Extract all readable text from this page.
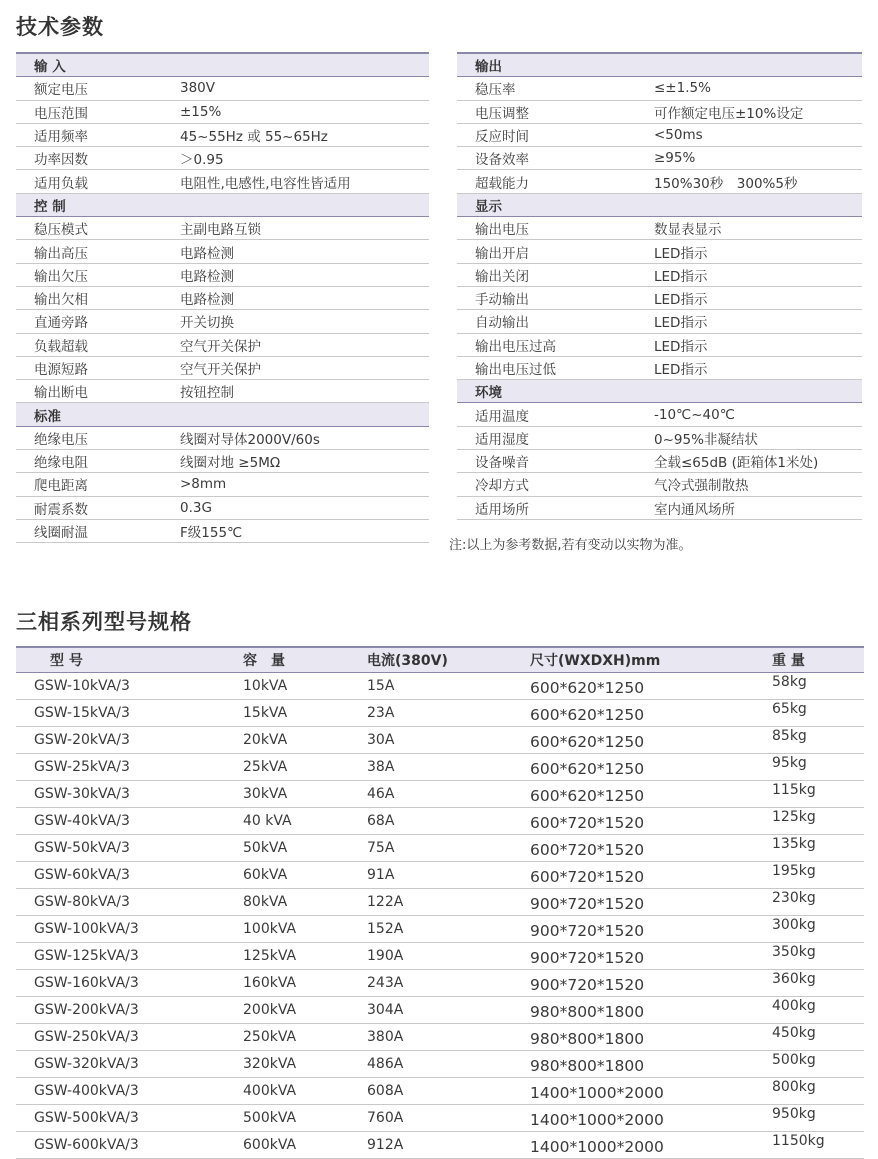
技术参数
输 入	
额定电压	380V
电压范围	±15%
适用频率	45~55Hz 或 55~65Hz
功率因数	＞0.95
适用负载	电阻性,电感性,电容性皆适用
控 制	
稳压模式	主副电路互锁
输出高压	电路检测
输出欠压	电路检测
输出欠相	电路检测
直通旁路	开关切换
负载超载	空气开关保护
电源短路	空气开关保护
输出断电	按钮控制
标准	
绝缘电压	线圈对导体2000V/60s
绝缘电阻	线圈对地 ≥5MΩ
爬电距离	>8mm
耐震系数	0.3G
线圈耐温	F级155℃
输出	
稳压率	≤±1.5%
电压调整	可作额定电压±10%设定
反应时间	<50ms
设备效率	≥95%
超载能力	150%30秒　300%5秒
显示	
输出电压	数显表显示
输出开启	LED指示
输出关闭	LED指示
手动输出	LED指示
自动输出	LED指示
输出电压过高	LED指示
输出电压过低	LED指示
环境	
适用温度	-10℃~40℃
适用湿度	0~95%非凝结状
设备噪音	全载≤65dB (距箱体1米处)
冷却方式	气冷式强制散热
适用场所	室内通风场所
注:以上为参考数据,若有变动以实物为准。
三相系列型号规格
型 号	容　量	电流(380V)	尺寸(WXDXH)mm	重 量
GSW-10kVA/3	10kVA	15A	600*620*1250	58kg
GSW-15kVA/3	15kVA	23A	600*620*1250	65kg
GSW-20kVA/3	20kVA	30A	600*620*1250	85kg
GSW-25kVA/3	25kVA	38A	600*620*1250	95kg
GSW-30kVA/3	30kVA	46A	600*620*1250	115kg
GSW-40kVA/3	40 kVA	68A	600*720*1520	125kg
GSW-50kVA/3	50kVA	75A	600*720*1520	135kg
GSW-60kVA/3	60kVA	91A	600*720*1520	195kg
GSW-80kVA/3	80kVA	122A	900*720*1520	230kg
GSW-100kVA/3	100kVA	152A	900*720*1520	300kg
GSW-125kVA/3	125kVA	190A	900*720*1520	350kg
GSW-160kVA/3	160kVA	243A	900*720*1520	360kg
GSW-200kVA/3	200kVA	304A	980*800*1800	400kg
GSW-250kVA/3	250kVA	380A	980*800*1800	450kg
GSW-320kVA/3	320kVA	486A	980*800*1800	500kg
GSW-400kVA/3	400kVA	608A	1400*1000*2000	800kg
GSW-500kVA/3	500kVA	760A	1400*1000*2000	950kg
GSW-600kVA/3	600kVA	912A	1400*1000*2000	1150kg
